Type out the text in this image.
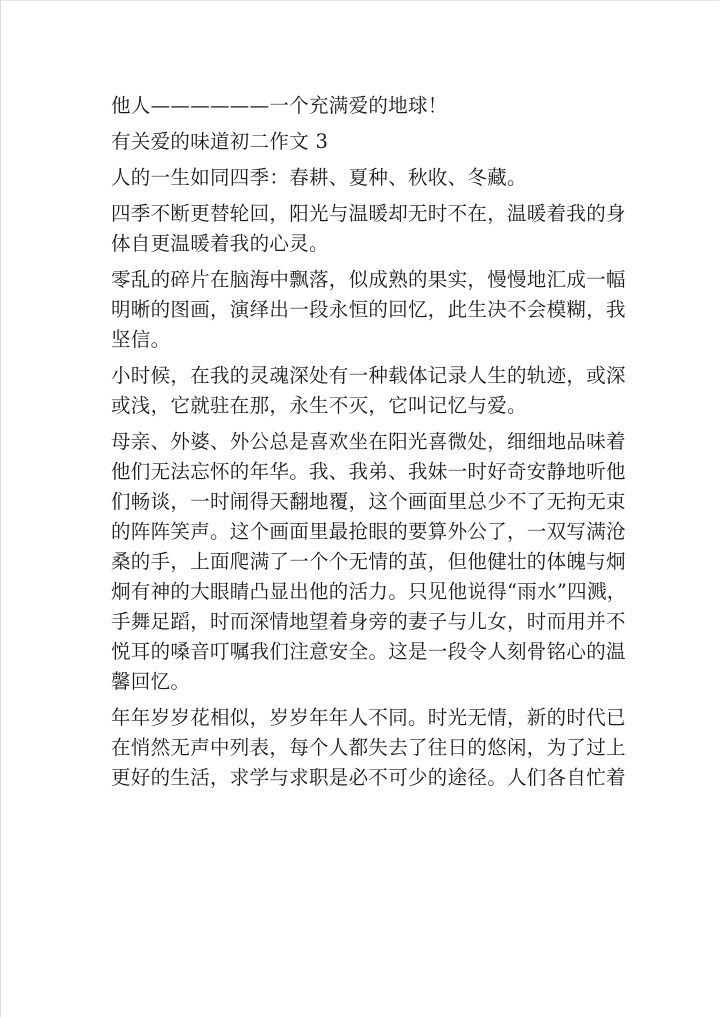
他人——————一个充满爱的地球！
有关爱的味道初二作文 3
人的一生如同四季：春耕、夏种、秋收、冬藏。
四季不断更替轮回，阳光与温暖却无时不在，温暖着我的身
体自更温暖着我的心灵。
零乱的碎片在脑海中飘落，似成熟的果实，慢慢地汇成一幅
明晰的图画，演绎出一段永恒的回忆，此生决不会模糊，我
坚信。
小时候，在我的灵魂深处有一种载体记录人生的轨迹，或深
或浅，它就驻在那，永生不灭，它叫记忆与爱。
母亲、外婆、外公总是喜欢坐在阳光喜微处，细细地品味着
他们无法忘怀的年华。我、我弟、我妹一时好奇安静地听他
们畅谈，一时闹得天翻地覆，这个画面里总少不了无拘无束
的阵阵笑声。这个画面里最抢眼的要算外公了，一双写满沧
桑的手，上面爬满了一个个无情的茧，但他健壮的体魄与炯
炯有神的大眼睛凸显出他的活力。只见他说得“雨水”四溅，
手舞足蹈，时而深情地望着身旁的妻子与儿女，时而用并不
悦耳的嗓音叮嘱我们注意安全。这是一段令人刻骨铭心的温
馨回忆。
年年岁岁花相似，岁岁年年人不同。时光无情，新的时代已
在悄然无声中列表，每个人都失去了往日的悠闲，为了过上
更好的生活，求学与求职是必不可少的途径。人们各自忙着
